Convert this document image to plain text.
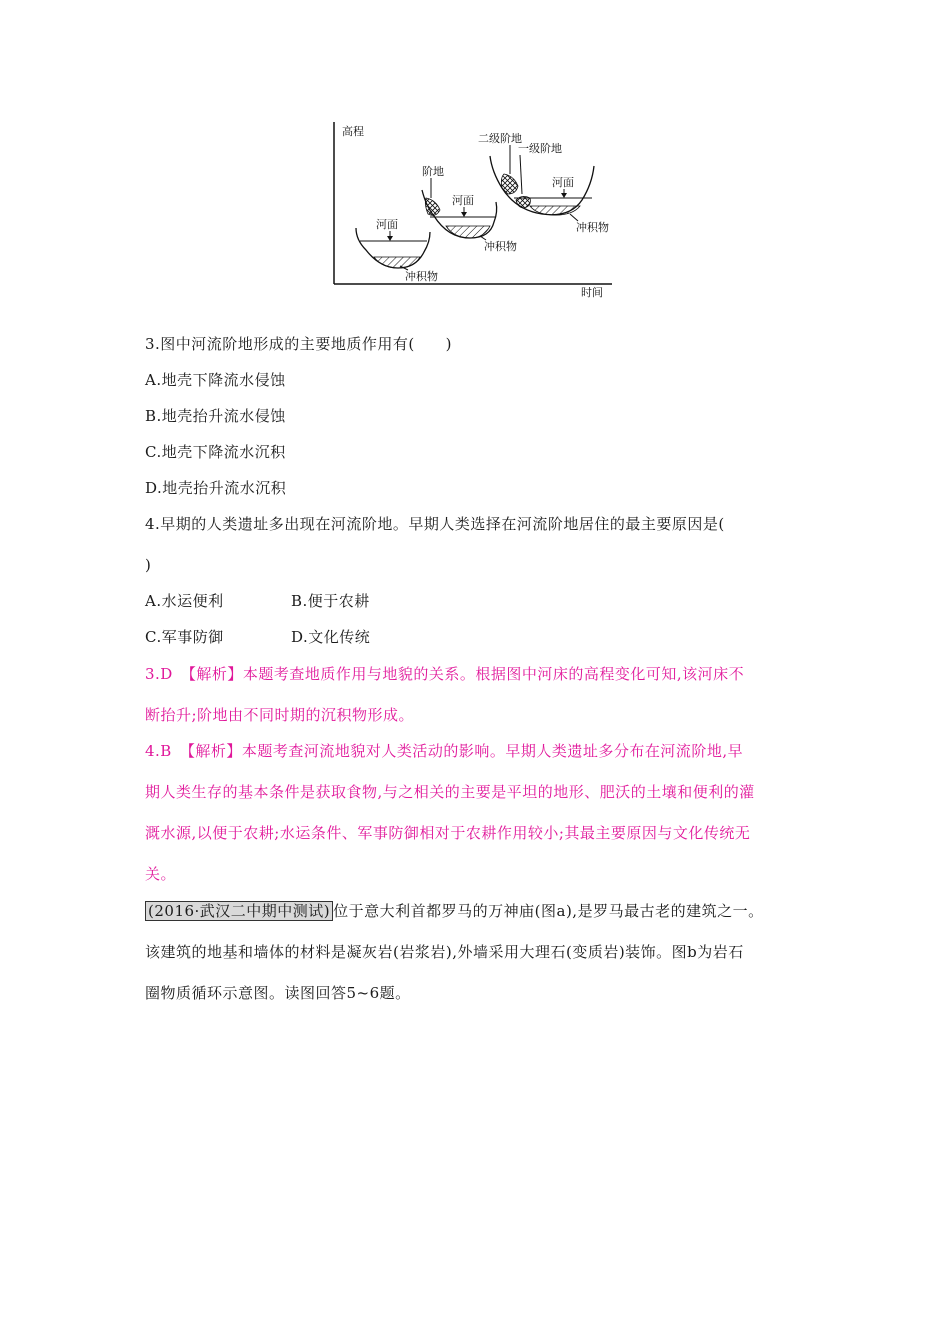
高程
时间
河面
冲积物
阶地
河面
冲积物
二级阶地
一级阶地
河面
冲积物
3.图中河流阶地形成的主要地质作用有(　　)
A.地壳下降流水侵蚀
B.地壳抬升流水侵蚀
C.地壳下降流水沉积
D.地壳抬升流水沉积
4.早期的人类遗址多出现在河流阶地。早期人类选择在河流阶地居住的最主要原因是(
)
A.水运便利	B.便于农耕
C.军事防御	D.文化传统
3.D　【解析】本题考查地质作用与地貌的关系。根据图中河床的高程变化可知,该河床不
断抬升;阶地由不同时期的沉积物形成。
4.B　【解析】本题考查河流地貌对人类活动的影响。早期人类遗址多分布在河流阶地,早
期人类生存的基本条件是获取食物,与之相关的主要是平坦的地形、肥沃的土壤和便利的灌
溉水源,以便于农耕;水运条件、军事防御相对于农耕作用较小;其最主要原因与文化传统无
关。
(2016·武汉二中期中测试) 位于意大利首都罗马的万神庙(图a),是罗马最古老的建筑之一。
该建筑的地基和墙体的材料是凝灰岩(岩浆岩),外墙采用大理石(变质岩)装饰。图b为岩石
圈物质循环示意图。读图回答5~6题。
